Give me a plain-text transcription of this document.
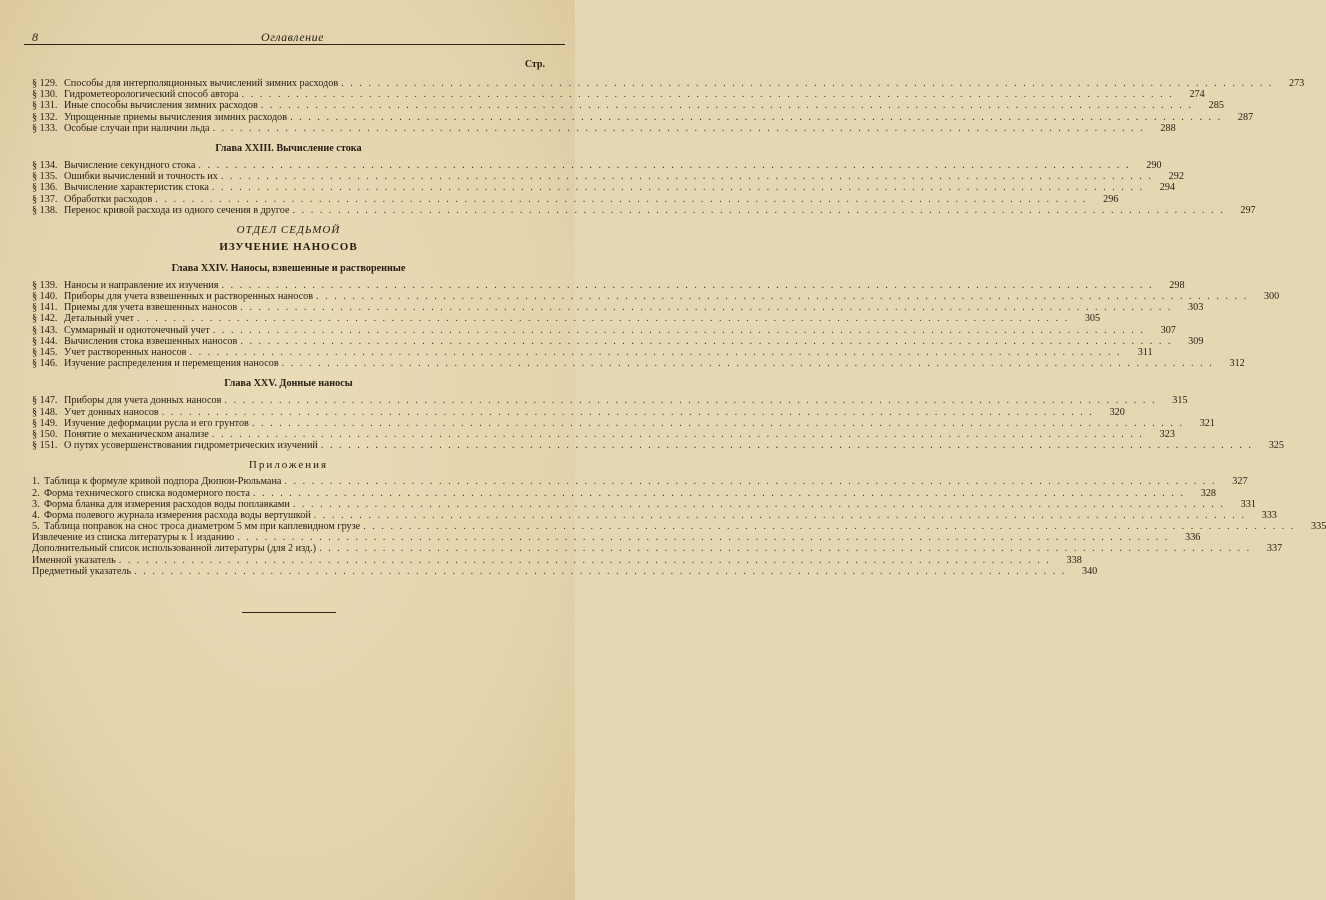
8	Оглавление
Стр.
§ 129. Способы для интерполяционных вычислений зимних расходов . . .	273
§ 130. Гидрометеорологический способ автора . . .	274
§ 131. Иные способы вычисления зимних расходов . . .	285
§ 132. Упрощенные приемы вычисления зимних расходов . . .	287
§ 133. Особые случаи при наличии льда . . .	288
Глава XXIII. Вычисление стока
§ 134. Вычисление секундного стока . . .	290
§ 135. Ошибки вычислений и точность их . . .	292
§ 136. Вычисление характеристик стока . . .	294
§ 137. Обработки расходов . . .	296
§ 138. Перенос кривой расхода из одного сечения в другое . . .	297
ОТДЕЛ СЕДЬМОЙ
ИЗУЧЕНИЕ НАНОСОВ
Глава XXIV. Наносы, взвешенные и растворенные
§ 139. Наносы и направление их изучения . . .	298
§ 140. Приборы для учета взвешенных и растворенных наносов . . .	300
§ 141. Приемы для учета взвешенных наносов . . .	303
§ 142. Детальный учет . . .	305
§ 143. Суммарный и одноточечный учет . . .	307
§ 144. Вычисления стока взвешенных наносов . . .	309
§ 145. Учет растворенных наносов . . .	311
§ 146. Изучение распределения и перемещения наносов . . .	312
Глава XXV. Донные наносы
§ 147. Приборы для учета донных наносов . . .	315
§ 148. Учет донных наносов . . .	320
§ 149. Изучение деформации русла и его грунтов . . .	321
§ 150. Понятие о механическом анализе . . .	323
§ 151. О путях усовершенствования гидрометрических изучений . . .	325
Приложения
1. Таблица к формуле кривой подпора Дюпюи-Рюльмана . . .	327
2. Форма технического списка водомерного поста . . .	328
3. Форма бланка для измерения расходов воды поплавками . . .	331
4. Форма полевого журнала измерения расхода воды вертушкой . . .	333
5. Таблица поправок на снос троса диаметром 5 мм при каплевидном грузе . . .	335
Извлечение из списка литературы к 1 изданию . . .	336
Дополнительный список использованной литературы (для 2 изд.) . . .	337
Именной указатель . . .	338
Предметный указатель . . .	340
